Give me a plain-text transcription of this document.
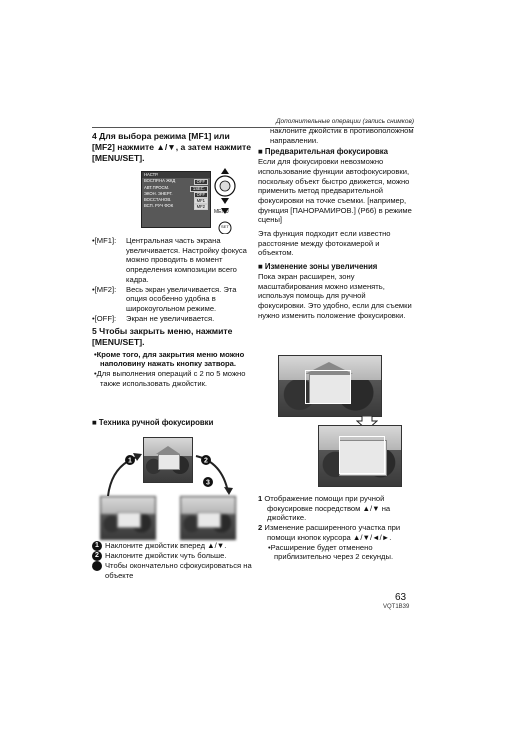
Дополнительные операции (запись снимков)
4 Для выбора режима [MF1] или [MF2] нажмите ▲/▼, а затем нажмите [MENU/SET].
НАСТР.
ВОСПР.НА ЖКД	OFF
АВТ.ПРОСМ.	1SEC.
ЭКОН. ЭНЕРГ.	OFF
ВОССТАНОВ.	MF1
ВСП. РУЧ ФОК	MF2
MENU
SET
•[MF1]:	Центральная часть экрана увеличивается. Настройку фокуса можно проводить в момент определения композиции всего кадра.
•[MF2]:	Весь экран увеличивается. Эта опция особенно удобна в широкоугольном режиме.
•[OFF]:	Экран не увеличивается.
5 Чтобы закрыть меню, нажмите [MENU/SET].
•Кроме того, для закрытия меню можно наполовину нажать кнопку затвора.
•Для выполнения операций с 2 по 5 можно также использовать джойстик.
■ Техника ручной фокусировки
1	2
3
1 Наклоните джойстик вперед ▲/▼.
2 Наклоните джойстик чуть больше.
3 Чтобы окончательно сфокусироваться на объекте
наклоните джойстик в противоположном направлении.
■ Предварительная фокусировка
Если для фокусировки невозможно использование функции автофокусировки, поскольку объект быстро движется, можно применить метод предварительной фокусировки на точке съемки. [например, функция [ПАНОРАМИРОВ.] (P66) в режиме сцены]
Эта функция подходит если известно расстояние между фотокамерой и объектом.
■ Изменение зоны увеличения
Пока экран расширен, зону масштабирования можно изменять, используя помощь для ручной фокусировки. Это удобно, если для съемки нужно изменить положение фокусировки.
1 Отображение помощи при ручной фокусировке посредством ▲/▼ на джойстике.
2 Изменение расширенного участка при помощи кнопок курсора ▲/▼/◄/►.
•Расширение будет отменено приблизительно через 2 секунды.
63
VQT1B39
